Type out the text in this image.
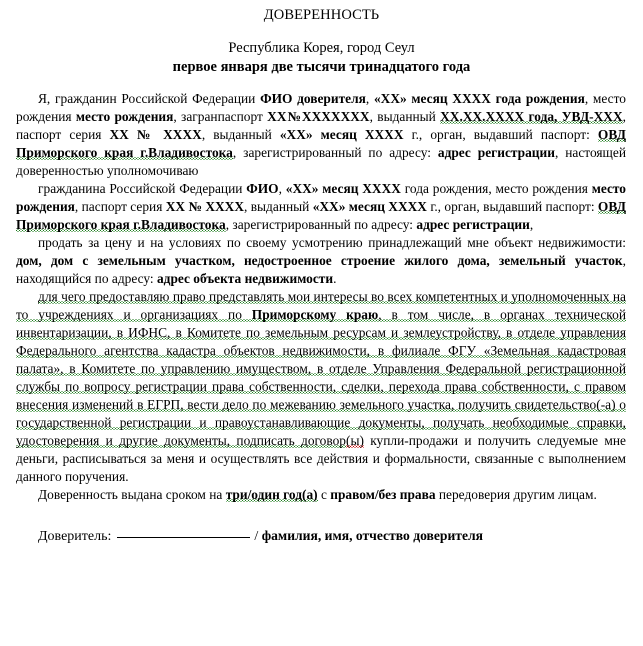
ДОВЕРЕННОСТЬ
Республика Корея, город Сеул
первое января две тысячи тринадцатого года

Я, гражданин Российской Федерации ФИО доверителя, «XX» месяц XXXX года рождения, место рождения место рождения, загранпаспорт XX№XXXXXXX, выданный XX.XX.XXXX года, УВД-XXX, паспорт серия XX № XXXX, выданный «XX» месяц XXXX г., орган, выдавший паспорт: ОВД Приморского края г.Владивостока, зарегистрированный по адресу: адрес регистрации, настоящей доверенностью уполномочиваю

гражданина Российской Федерации ФИО, «XX» месяц XXXX года рождения, место рождения место рождения, паспорт серия XX № XXXX, выданный «XX» месяц XXXX г., орган, выдавший паспорт: ОВД Приморского края г.Владивостока, зарегистрированный по адресу: адрес регистрации,

продать за цену и на условиях по своему усмотрению принадлежащий мне объект недвижимости: дом, дом с земельным участком, недостроенное строение жилого дома, земельный участок, находящийся по адресу: адрес объекта недвижимости.

для чего предоставляю право представлять мои интересы во всех компетентных и уполномоченных на то учреждениях и организациях по Приморскому краю, в том числе, в органах технической инвентаризации, в ИФНС, в Комитете по земельным ресурсам и землеустройству, в отделе управления Федерального агентства кадастра объектов недвижимости, в филиале ФГУ «Земельная кадастровая палата», в Комитете по управлению имуществом, в отделе Управления Федеральной регистрационной службы по вопросу регистрации права собственности, сделки, перехода права собственности, с правом внесения изменений в ЕГРП, вести дело по межеванию земельного участка, получить свидетельство(-а) о государственной регистрации и правоустанавливающие документы, получать необходимые справки, удостоверения и другие документы, подписать договор(ы) купли-продажи и получить следуемые мне деньги, расписываться за меня и осуществлять все действия и формальности, связанные с выполнением данного поручения.

Доверенность выдана сроком на три/один год(а) с правом/без права передоверия другим лицам.

Доверитель:	/ фамилия, имя, отчество доверителя
